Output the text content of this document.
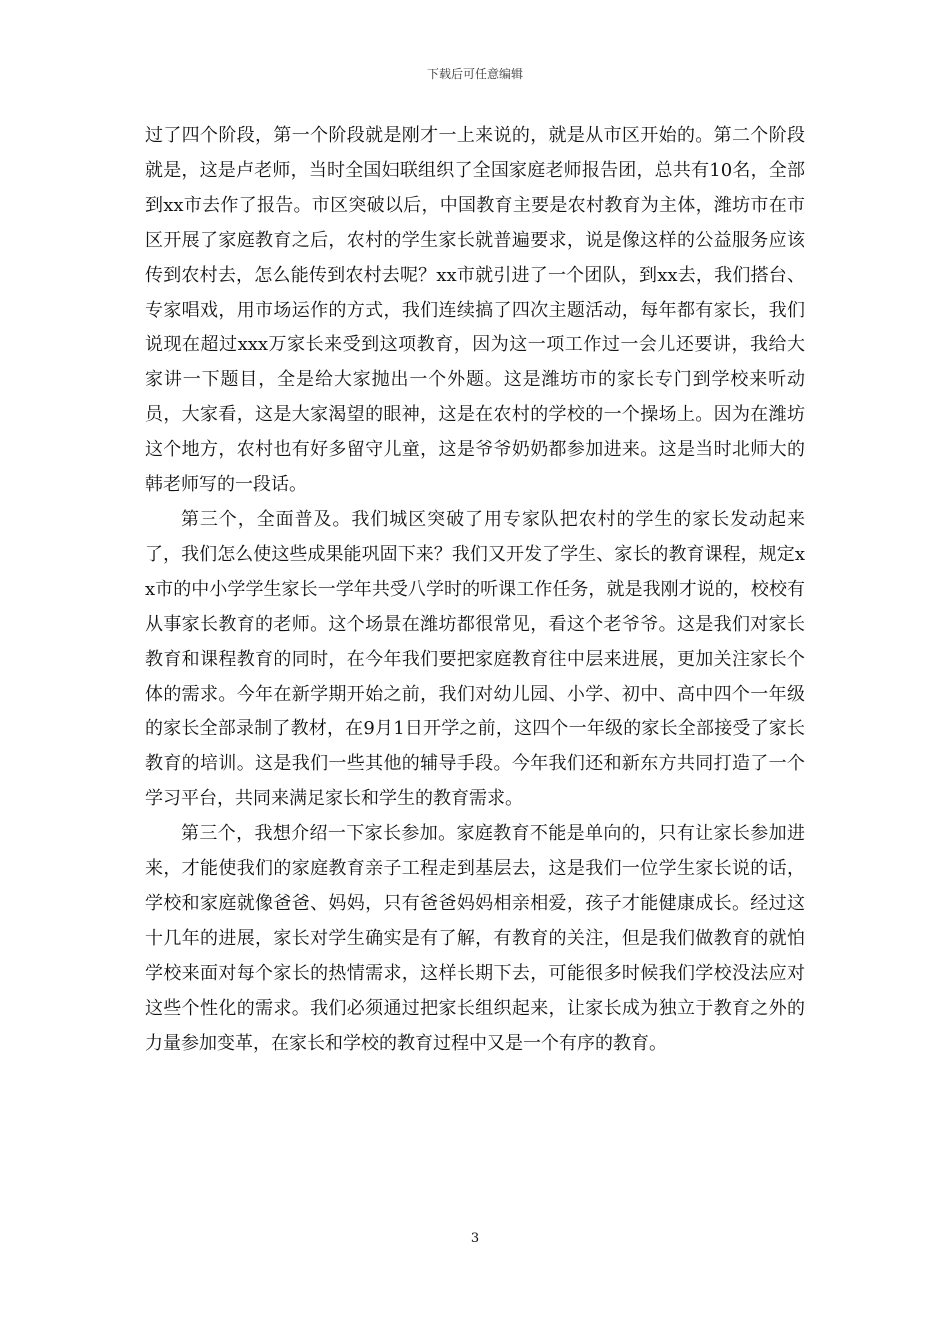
下载后可任意编辑

过了四个阶段，第一个阶段就是刚才一上来说的，就是从市区开始的。第二个阶段就是，这是卢老师，当时全国妇联组织了全国家庭老师报告团，总共有10名，全部到xx市去作了报告。市区突破以后，中国教育主要是农村教育为主体，潍坊市在市区开展了家庭教育之后，农村的学生家长就普遍要求，说是像这样的公益服务应该传到农村去，怎么能传到农村去呢？xx市就引进了一个团队，到xx去，我们搭台、专家唱戏，用市场运作的方式，我们连续搞了四次主题活动，每年都有家长，我们说现在超过xxx万家长来受到这项教育，因为这一项工作过一会儿还要讲，我给大家讲一下题目，全是给大家抛出一个外题。这是潍坊市的家长专门到学校来听动员，大家看，这是大家渴望的眼神，这是在农村的学校的一个操场上。因为在潍坊这个地方，农村也有好多留守儿童，这是爷爷奶奶都参加进来。这是当时北师大的韩老师写的一段话。

第三个，全面普及。我们城区突破了用专家队把农村的学生的家长发动起来了，我们怎么使这些成果能巩固下来？我们又开发了学生、家长的教育课程，规定xx市的中小学学生家长一学年共受八学时的听课工作任务，就是我刚才说的，校校有从事家长教育的老师。这个场景在潍坊都很常见，看这个老爷爷。这是我们对家长教育和课程教育的同时，在今年我们要把家庭教育往中层来进展，更加关注家长个体的需求。今年在新学期开始之前，我们对幼儿园、小学、初中、高中四个一年级的家长全部录制了教材，在9月1日开学之前，这四个一年级的家长全部接受了家长教育的培训。这是我们一些其他的辅导手段。今年我们还和新东方共同打造了一个学习平台，共同来满足家长和学生的教育需求。

第三个，我想介绍一下家长参加。家庭教育不能是单向的，只有让家长参加进来，才能使我们的家庭教育亲子工程走到基层去，这是我们一位学生家长说的话，学校和家庭就像爸爸、妈妈，只有爸爸妈妈相亲相爱，孩子才能健康成长。经过这十几年的进展，家长对学生确实是有了解，有教育的关注，但是我们做教育的就怕学校来面对每个家长的热情需求，这样长期下去，可能很多时候我们学校没法应对这些个性化的需求。我们必须通过把家长组织起来，让家长成为独立于教育之外的力量参加变革，在家长和学校的教育过程中又是一个有序的教育。

3
